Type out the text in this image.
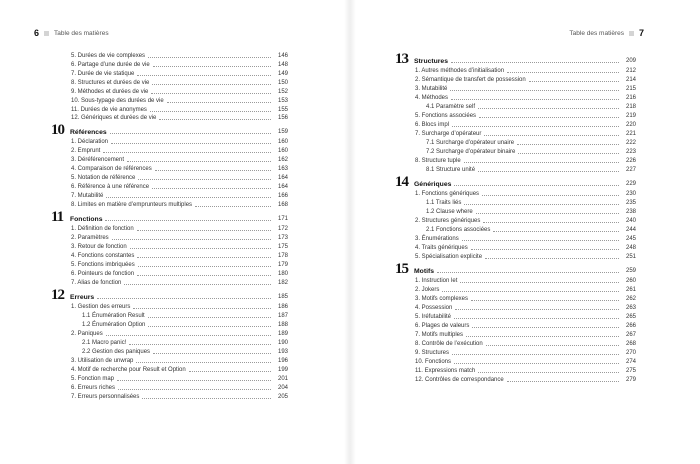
6 Table des matières
5. Durées de vie complexes	146
6. Partage d’une durée de vie	148
7. Durée de vie statique	149
8. Structures et durées de vie	150
9. Méthodes et durées de vie	152
10. Sous-typage des durées de vie	153
11. Durées de vie anonymes	155
12. Génériques et durées de vie	156
10 Références	159
1. Déclaration	160
2. Emprunt	160
3. Déréférencement	162
4. Comparaison de références	163
5. Notation de référence	164
6. Référence à une référence	164
7. Mutabilité	166
8. Limites en matière d’emprunteurs multiples	168
11	Fonctions	171
1. Définition de fonction	172
2. Paramètres	173
3. Retour de fonction	175
4. Fonctions constantes	178
5. Fonctions imbriquées	179
6. Pointeurs de fonction	180
7. Alias de fonction	182
12 Erreurs	185
1. Gestion des erreurs	186
1.1 Énumération Result	187
1.2 Énumération Option	188
2. Paniques	189
2.1 Macro panic!	190
2.2 Gestion des paniques	193
3. Utilisation de unwrap	196
4. Motif de recherche pour Result et Option	199
5. Fonction map	201
6. Erreurs riches	204
7. Erreurs personnalisées	205
Table des matières 7
13 Structures	209
1. Autres méthodes d’initialisation	212
2. Sémantique de transfert de possession	214
3. Mutabilité	215
4. Méthodes	216
4.1 Paramètre self	218
5. Fonctions associées	219
6. Blocs impl	220
7. Surcharge d’opérateur	221
7.1 Surcharge d’opérateur unaire	222
7.2 Surcharge d’opérateur binaire	223
8. Structure tuple	226
8.1 Structure unité	227
14 Génériques	229
1. Fonctions génériques	230
1.1 Traits liés	235
1.2 Clause where	238
2. Structures génériques	240
2.1 Fonctions associées	244
3. Énumérations	245
4. Traits génériques	248
5. Spécialisation explicite	251
15 Motifs	259
1. Instruction let	260
2. Jokers	261
3. Motifs complexes	262
4. Possession	263
5. Iréfutabilité	265
6. Plages de valeurs	266
7. Motifs multiples	267
8. Contrôle de l’exécution	268
9. Structures	270
10. Fonctions	274
11. Expressions match	275
12. Contrôles de correspondance	279
